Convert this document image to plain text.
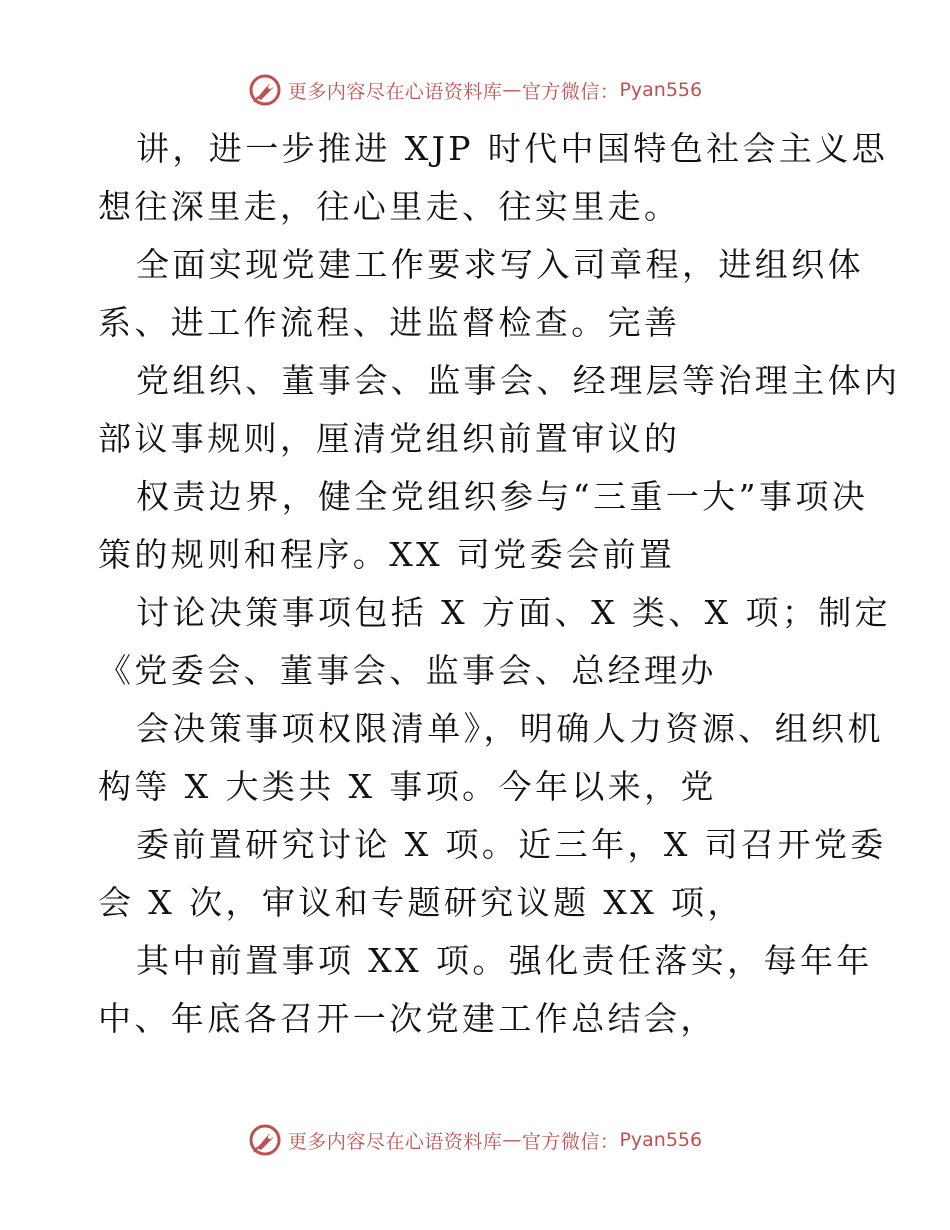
更多内容尽在心语资料库 — 官方微信： Pyan556
讲，进一步推进 XJP 时代中国特色社会主义思
想往深里走，往心里走、往实里走。
全面实现党建工作要求写入司章程，进组织体
系、进工作流程、进监督检查。完善
党组织、董事会、监事会、经理层等治理主体内
部议事规则，厘清党组织前置审议的
权责边界，健全党组织参与“三重一大”事项决
策的规则和程序。XX 司党委会前置
讨论决策事项包括 X 方面、X 类、X 项；制定
《党委会、董事会、监事会、总经理办
会决策事项权限清单》，明确人力资源、组织机
构等 X 大类共 X 事项。今年以来，党
委前置研究讨论 X 项。近三年，X 司召开党委
会 X 次，审议和专题研究议题 XX 项，
其中前置事项 XX 项。强化责任落实，每年年
中、年底各召开一次党建工作总结会，
更多内容尽在心语资料库 — 官方微信： Pyan556
